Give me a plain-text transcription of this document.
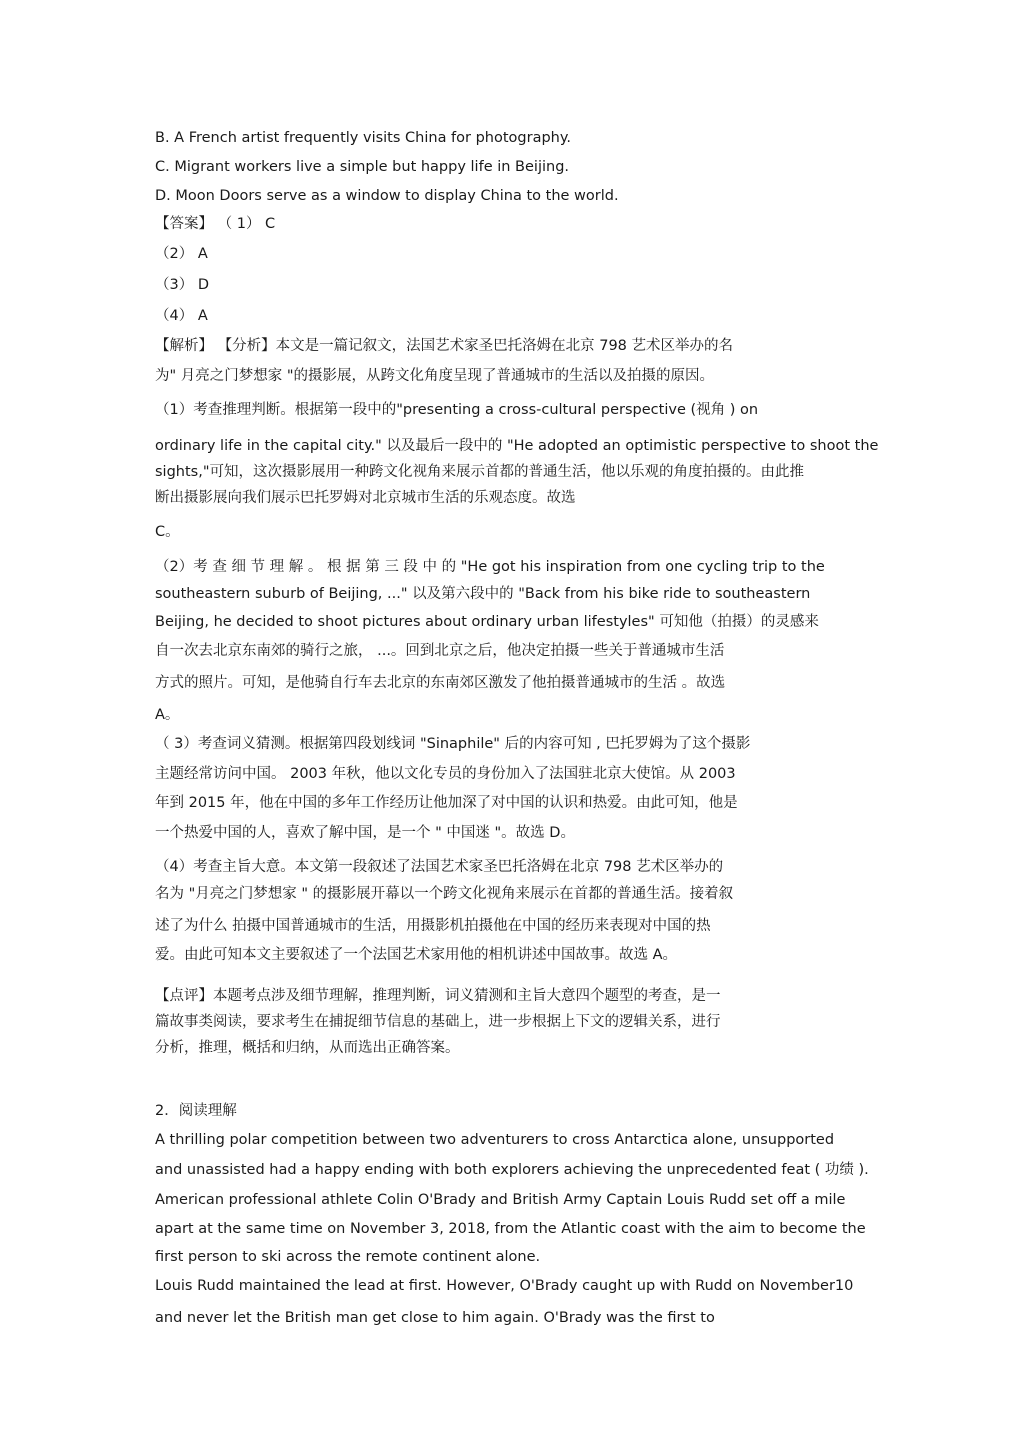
B. A French artist frequently visits China for photography.
C. Migrant workers live a simple but happy life in Beijing.
D. Moon Doors serve as a window to display China to the world.
【答案】 （ 1） C
（2） A
（3） D
（4） A
【解析】 【分析】本文是一篇记叙文，法国艺术家圣巴托洛姆在北京 798 艺术区举办的名
为" 月亮之门梦想家 "的摄影展，从跨文化角度呈现了普通城市的生活以及拍摄的原因。
（1）考查推理判断。根据第一段中的"presenting a cross-cultural perspective (视角 ) on
ordinary life in the capital city." 以及最后一段中的 "He adopted an optimistic perspective to shoot the
sights,"可知，这次摄影展用一种跨文化视角来展示首都的普通生活，他以乐观的角度拍摄的。由此推
断出摄影展向我们展示巴托罗姆对北京城市生活的乐观态度。故选
C。
（2）考 查 细 节 理 解 。 根 据 第 三 段 中 的 "He got his inspiration from one cycling trip to the
southeastern suburb of Beijing, ..." 以及第六段中的 "Back from his bike ride to southeastern
Beijing, he decided to shoot pictures about ordinary urban lifestyles" 可知他（拍摄）的灵感来
自一次去北京东南郊的骑行之旅， ...。回到北京之后，他决定拍摄一些关于普通城市生活
方式的照片。可知，是他骑自行车去北京的东南郊区激发了他拍摄普通城市的生活 。故选
A。
（ 3）考查词义猜测。根据第四段划线词 "Sinaphile" 后的内容可知 , 巴托罗姆为了这个摄影
主题经常访问中国。 2003 年秋，他以文化专员的身份加入了法国驻北京大使馆。从 2003
年到 2015 年，他在中国的多年工作经历让他加深了对中国的认识和热爱。由此可知，他是
一个热爱中国的人，喜欢了解中国，是一个 " 中国迷 "。故选 D。
（4）考查主旨大意。本文第一段叙述了法国艺术家圣巴托洛姆在北京 798 艺术区举办的
名为 "月亮之门梦想家 " 的摄影展开幕以一个跨文化视角来展示在首都的普通生活。接着叙
述了为什么 拍摄中国普通城市的生活，用摄影机拍摄他在中国的经历来表现对中国的热
爱。由此可知本文主要叙述了一个法国艺术家用他的相机讲述中国故事。故选 A。
【点评】本题考点涉及细节理解，推理判断，词义猜测和主旨大意四个题型的考查，是一
篇故事类阅读，要求考生在捕捉细节信息的基础上，进一步根据上下文的逻辑关系，进行
分析，推理，概括和归纳，从而选出正确答案。
2．阅读理解
A thrilling polar competition between two adventurers to cross Antarctica alone, unsupported
and unassisted had a happy ending with both explorers achieving the unprecedented feat ( 功绩 ).
American professional athlete Colin O'Brady and British Army Captain Louis Rudd set off a mile
apart at the same time on November 3, 2018, from the Atlantic coast with the aim to become the
first person to ski across the remote continent alone.
Louis Rudd maintained the lead at first. However, O'Brady caught up with Rudd on November10
and never let the British man get close to him again. O'Brady was the first to
